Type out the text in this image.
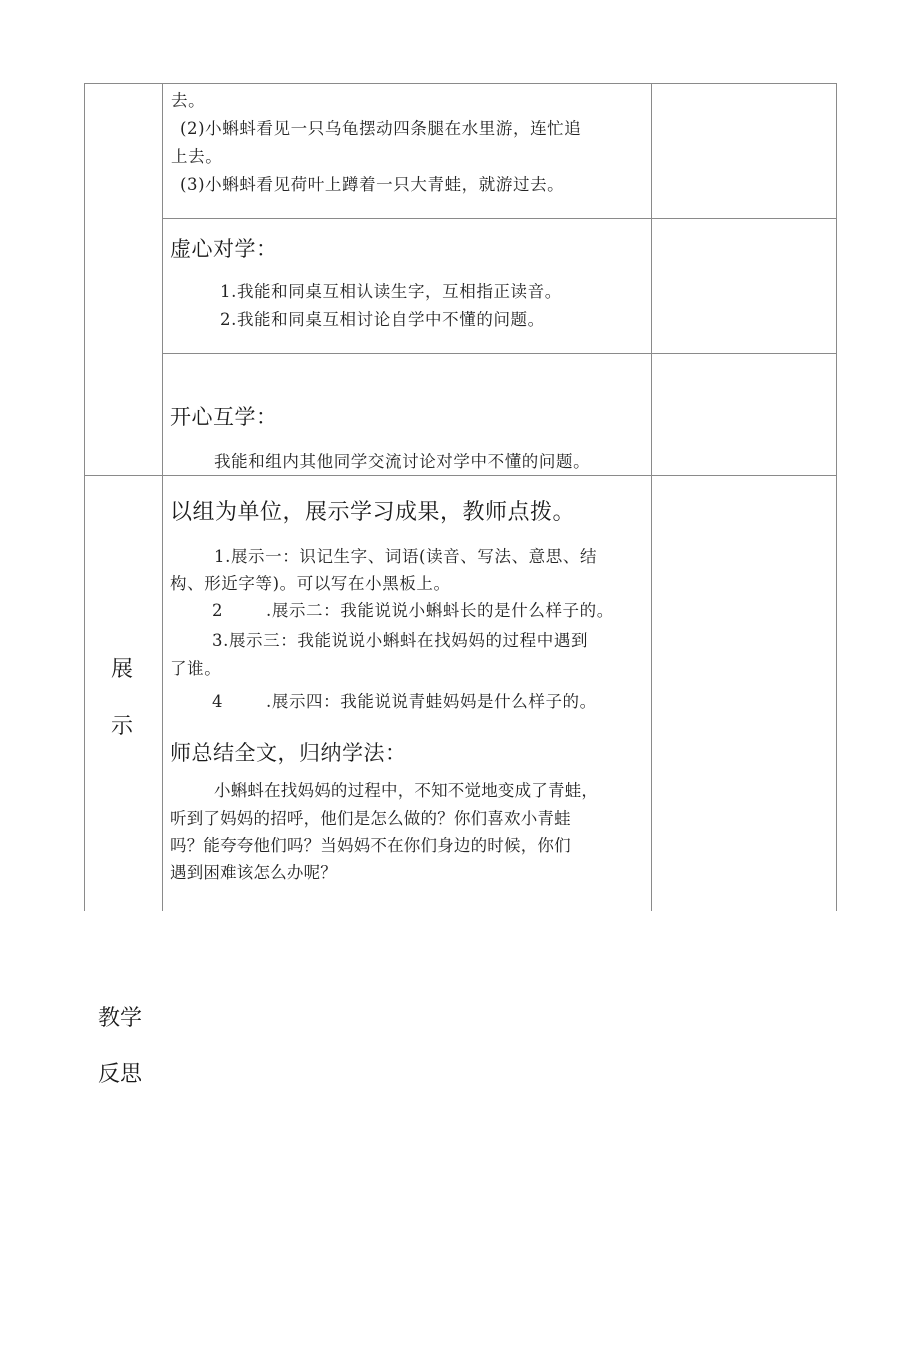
去。

(2)小蝌蚪看见一只乌龟摆动四条腿在水里游，连忙追

上去。

(3)小蝌蚪看见荷叶上蹲着一只大青蛙，就游过去。

虚心对学：

1.我能和同桌互相认读生字，互相指正读音。

2.我能和同桌互相讨论自学中不懂的问题。

开心互学：

我能和组内其他同学交流讨论对学中不懂的问题。

展
示

以组为单位，展示学习成果，教师点拨。

1.展示一：识记生字、词语(读音、写法、意思、结

构、形近字等)。可以写在小黑板上。

2	.展示二：我能说说小蝌蚪长的是什么样子的。

3.展示三：我能说说小蝌蚪在找妈妈的过程中遇到

了谁。

4	.展示四：我能说说青蛙妈妈是什么样子的。

师总结全文，归纳学法：

小蝌蚪在找妈妈的过程中，不知不觉地变成了青蛙，

听到了妈妈的招呼，他们是怎么做的？你们喜欢小青蛙

吗？能夸夸他们吗？当妈妈不在你们身边的时候，你们

遇到困难该怎么办呢？

教学
反思
